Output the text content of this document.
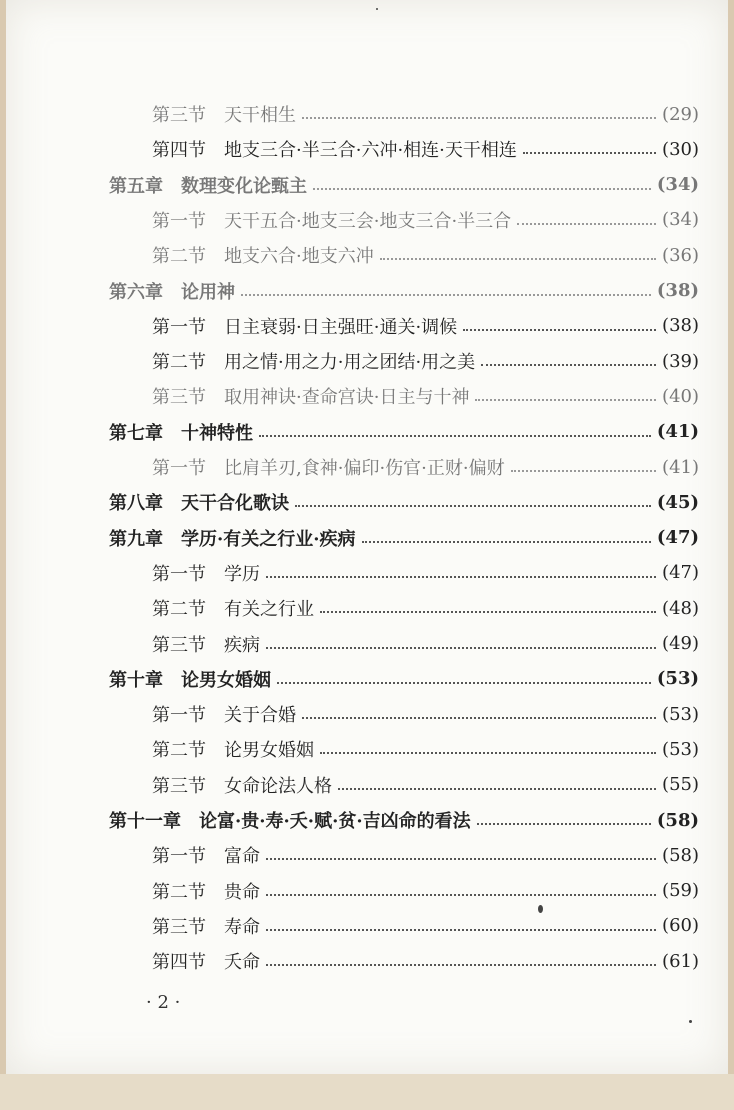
第三节 天干相生	(29)
第四节 地支三合·半三合·六冲·相连·天干相连	(30)
第五章 数理变化论甄主	(34)
第一节 天干五合·地支三会·地支三合·半三合	(34)
第二节 地支六合·地支六冲	(36)
第六章 论用神	(38)
第一节 日主衰弱·日主强旺·通关·调候	(38)
第二节 用之情·用之力·用之团结·用之美	(39)
第三节 取用神诀·查命宫诀·日主与十神	(40)
第七章 十神特性	(41)
第一节 比肩羊刃,食神·偏印·伤官·正财·偏财	(41)
第八章 天干合化歌诀	(45)
第九章 学历·有关之行业·疾病	(47)
第一节 学历	(47)
第二节 有关之行业	(48)
第三节 疾病	(49)
第十章 论男女婚姻	(53)
第一节 关于合婚	(53)
第二节 论男女婚姻	(53)
第三节 女命论法人格	(55)
第十一章 论富·贵·寿·夭·赋·贫·吉凶命的看法	(58)
第一节 富命	(58)
第二节 贵命	(59)
第三节 寿命	(60)
第四节 夭命	(61)
· 2 ·
